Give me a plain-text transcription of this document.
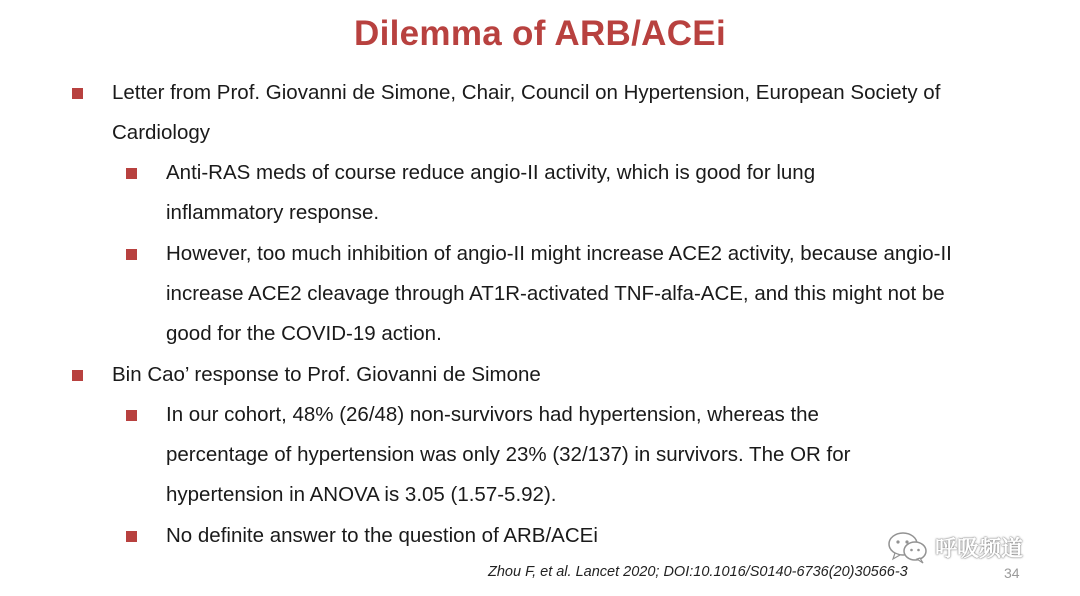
Dilemma of ARB/ACEi
Letter from Prof. Giovanni de Simone, Chair, Council on Hypertension, European Society of Cardiology
Anti-RAS meds of course reduce angio-II activity, which is good for lung inflammatory response.
However, too much inhibition of angio-II might increase ACE2 activity, because angio-II increase ACE2 cleavage through AT1R-activated TNF-alfa-ACE, and this might not be good for the COVID-19 action.
Bin Cao’ response to Prof. Giovanni de Simone
In our cohort, 48% (26/48) non-survivors had hypertension, whereas the percentage of hypertension was only 23% (32/137) in survivors. The OR for hypertension in ANOVA is 3.05 (1.57-5.92).
No definite answer to the question of ARB/ACEi
Zhou F, et al. Lancet 2020; DOI:10.1016/S0140-6736(20)30566-3	34
呼吸频道
